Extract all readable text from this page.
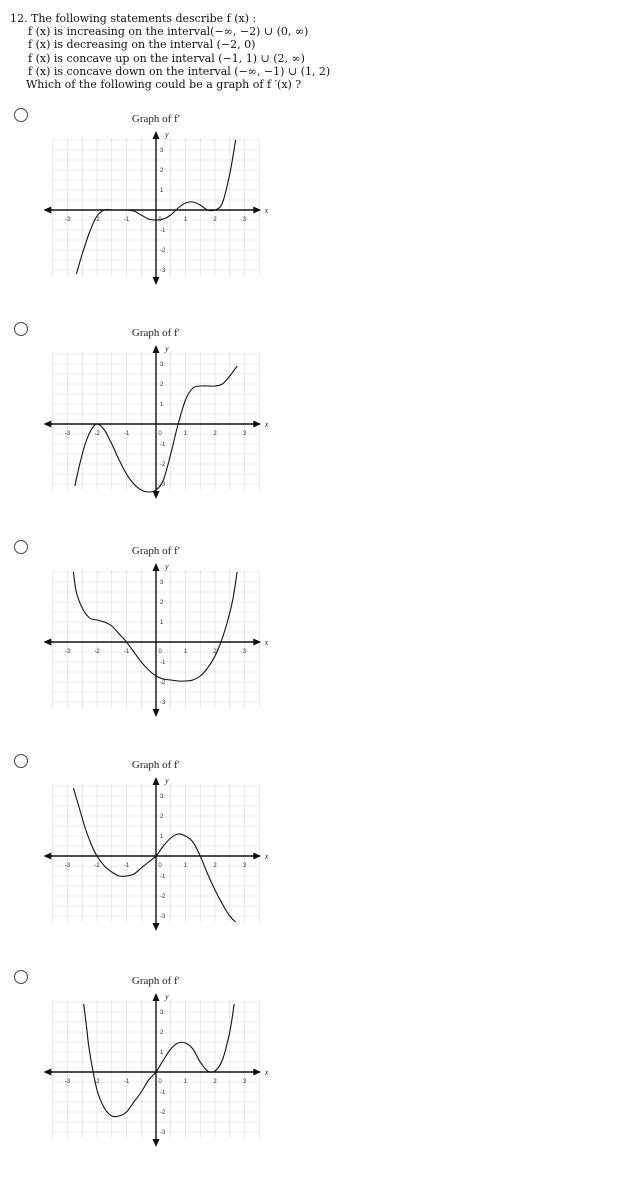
12. The following statements describe f (x) :
f (x) is increasing on the interval(−∞, −2) ∪ (0, ∞)
f (x) is decreasing on the interval (−2, 0)
f (x) is concave up on the interval (−1, 1) ∪ (2, ∞)
f (x) is concave down on the interval (−∞, −1) ∪ (1, 2)
Which of the following could be a graph of f ′(x) ?
Graph of f′
x
y
-3	-2	-1	0	1	2	3
1
2
3
-1
-2
-3
Graph of f′
x
y
-3	-2	-1	0	1	2	3
1
2
3
-1
-2
-3
Graph of f′
x
y
-3	-2	-1	0	1	2	3
1
2
3
-1
-2
-3
Graph of f′
x
y
-3	-2	-1	0	1	2	3
1
2
3
-1
-2
-3
Graph of f′
x
y
-3	-2	-1	0	1	2	3
1
2
3
-1
-2
-3
